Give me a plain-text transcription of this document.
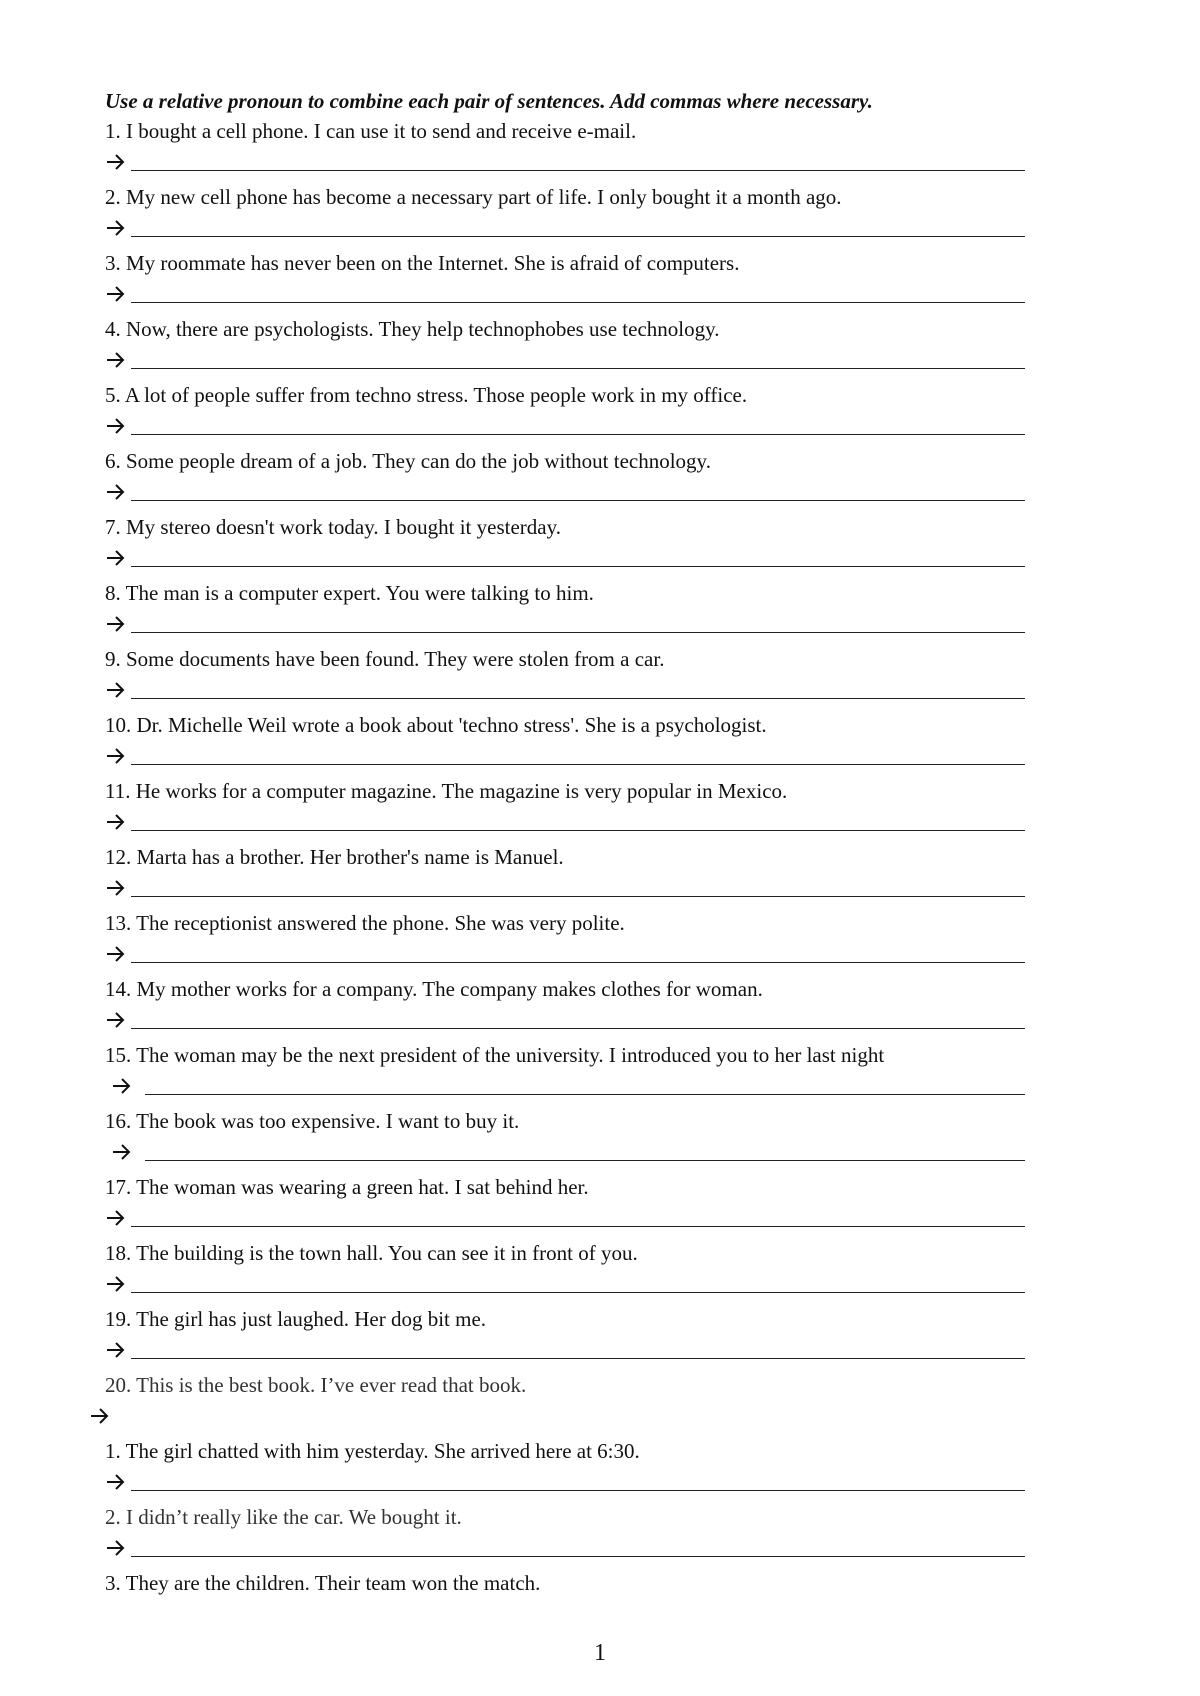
Use a relative pronoun to combine each pair of sentences. Add commas where necessary.
1. I bought a cell phone. I can use it to send and receive e-mail.
2. My new cell phone has become a necessary part of life. I only bought it a month ago.
3. My roommate has never been on the Internet. She is afraid of computers.
4. Now, there are psychologists. They help technophobes use technology.
5. A lot of people suffer from techno stress. Those people work in my office.
6. Some people dream of a job. They can do the job without technology.
7. My stereo doesn't work today. I bought it yesterday.
8. The man is a computer expert. You were talking to him.
9. Some documents have been found. They were stolen from a car.
10. Dr. Michelle Weil wrote a book about 'techno stress'. She is a psychologist.
11. He works for a computer magazine. The magazine is very popular in Mexico.
12. Marta has a brother. Her brother's name is Manuel.
13. The receptionist answered the phone. She was very polite.
14. My mother works for a company. The company makes clothes for woman.
15. The woman may be the next president of the university. I introduced you to her last night
16. The book was too expensive. I want to buy it.
17. The woman was wearing a green hat. I sat behind her.
18. The building is the town hall. You can see it in front of you.
19. The girl has just laughed. Her dog bit me.
20. This is the best book. I’ve ever read that book.
1. The girl chatted with him yesterday. She arrived here at 6:30.
2. I didn’t really like the car. We bought it.
3. They are the children. Their team won the match.
1
